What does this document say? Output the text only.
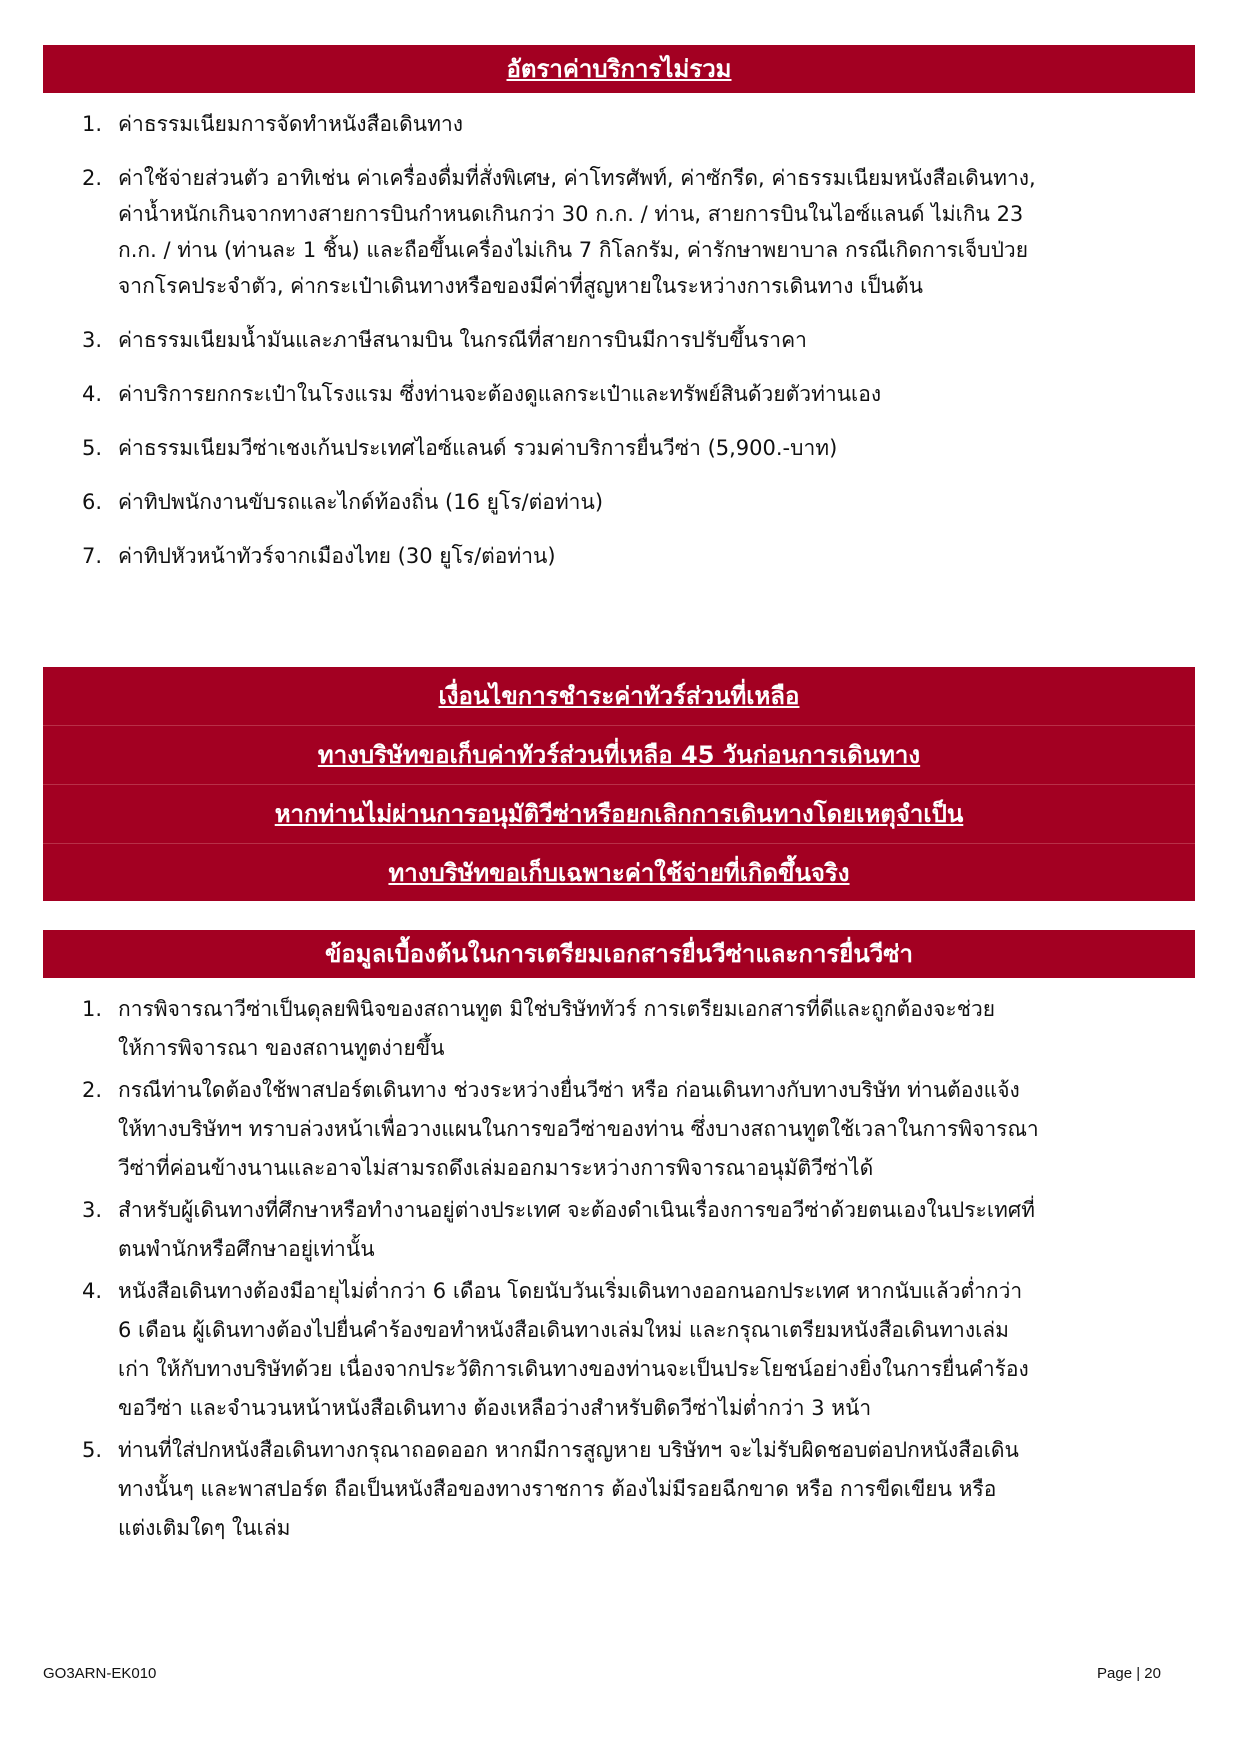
อัตราค่าบริการไม่รวม
1. ค่าธรรมเนียมการจัดทำหนังสือเดินทาง
2. ค่าใช้จ่ายส่วนตัว อาทิเช่น ค่าเครื่องดื่มที่สั่งพิเศษ, ค่าโทรศัพท์, ค่าซักรีด, ค่าธรรมเนียมหนังสือเดินทาง, ค่าน้ำหนักเกินจากทางสายการบินกำหนดเกินกว่า 30 ก.ก. / ท่าน, สายการบินในไอซ์แลนด์ ไม่เกิน 23 ก.ก. / ท่าน (ท่านละ 1 ชิ้น) และถือขึ้นเครื่องไม่เกิน 7 กิโลกรัม, ค่ารักษาพยาบาล กรณีเกิดการเจ็บป่วยจากโรคประจำตัว, ค่ากระเป๋าเดินทางหรือของมีค่าที่สูญหายในระหว่างการเดินทาง เป็นต้น
3. ค่าธรรมเนียมน้ำมันและภาษีสนามบิน ในกรณีที่สายการบินมีการปรับขึ้นราคา
4. ค่าบริการยกกระเป๋าในโรงแรม ซึ่งท่านจะต้องดูแลกระเป๋าและทรัพย์สินด้วยตัวท่านเอง
5. ค่าธรรมเนียมวีซ่าเชงเก้นประเทศไอซ์แลนด์ รวมค่าบริการยื่นวีซ่า (5,900.-บาท)
6. ค่าทิปพนักงานขับรถและไกด์ท้องถิ่น (16 ยูโร/ต่อท่าน)
7. ค่าทิปหัวหน้าทัวร์จากเมืองไทย (30 ยูโร/ต่อท่าน)
เงื่อนไขการชำระค่าทัวร์ส่วนที่เหลือ
ทางบริษัทขอเก็บค่าทัวร์ส่วนที่เหลือ 45 วันก่อนการเดินทาง
หากท่านไม่ผ่านการอนุมัติวีซ่าหรือยกเลิกการเดินทางโดยเหตุจำเป็น
ทางบริษัทขอเก็บเฉพาะค่าใช้จ่ายที่เกิดขึ้นจริง
ข้อมูลเบื้องต้นในการเตรียมเอกสารยื่นวีซ่าและการยื่นวีซ่า
1. การพิจารณาวีซ่าเป็นดุลยพินิจของสถานทูต มิใช่บริษัททัวร์ การเตรียมเอกสารที่ดีและถูกต้องจะช่วยให้การพิจารณา ของสถานทูตง่ายขึ้น
2. กรณีท่านใดต้องใช้พาสปอร์ตเดินทาง ช่วงระหว่างยื่นวีซ่า หรือ ก่อนเดินทางกับทางบริษัท ท่านต้องแจ้งให้ทางบริษัทฯ ทราบล่วงหน้าเพื่อวางแผนในการขอวีซ่าของท่าน ซึ่งบางสถานทูตใช้เวลาในการพิจารณาวีซ่าที่ค่อนข้างนานและอาจไม่สามรถดึงเล่มออกมาระหว่างการพิจารณาอนุมัติวีซ่าได้
3. สำหรับผู้เดินทางที่ศึกษาหรือทำงานอยู่ต่างประเทศ จะต้องดำเนินเรื่องการขอวีซ่าด้วยตนเองในประเทศที่ตนพำนักหรือศึกษาอยู่เท่านั้น
4. หนังสือเดินทางต้องมีอายุไม่ต่ำกว่า 6 เดือน โดยนับวันเริ่มเดินทางออกนอกประเทศ หากนับแล้วต่ำกว่า 6 เดือน ผู้เดินทางต้องไปยื่นคำร้องขอทำหนังสือเดินทางเล่มใหม่ และกรุณาเตรียมหนังสือเดินทางเล่มเก่า ให้กับทางบริษัทด้วย เนื่องจากประวัติการเดินทางของท่านจะเป็นประโยชน์อย่างยิ่งในการยื่นคำร้องขอวีซ่า และจำนวนหน้าหนังสือเดินทาง ต้องเหลือว่างสำหรับติดวีซ่าไม่ต่ำกว่า 3 หน้า
5. ท่านที่ใส่ปกหนังสือเดินทางกรุณาถอดออก หากมีการสูญหาย บริษัทฯ จะไม่รับผิดชอบต่อปกหนังสือเดินทางนั้นๆ และพาสปอร์ต ถือเป็นหนังสือของทางราชการ ต้องไม่มีรอยฉีกขาด หรือ การขีดเขียน หรือ แต่งเติมใดๆ ในเล่ม
GO3ARN-EK010	Page | 20
